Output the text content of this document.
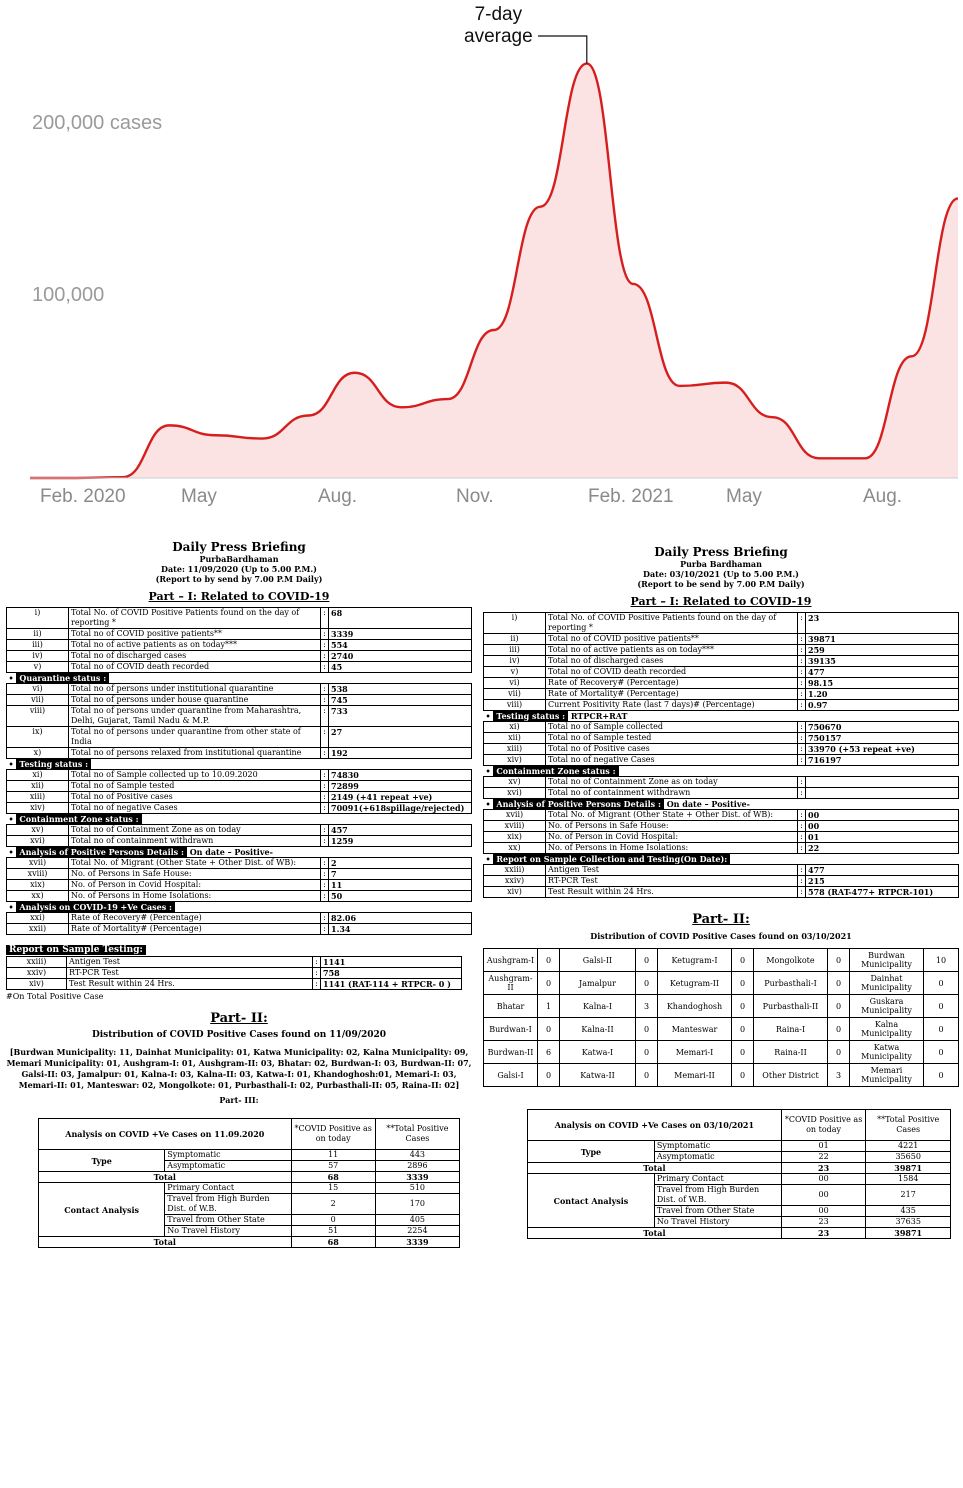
200,000 cases
100,000
Feb. 2020	May	Aug.	Nov.	Feb. 2021	May	Aug.
7‑day
average
Daily Press Briefing
PurbaBardhaman
Date: 11/09/2020 (Up to 5.00 P.M.)
(Report to by send by 7.00 P.M Daily)
Part – I: Related to COVID-19
i)	Total No. of COVID Positive Patients found on the day of reporting *	:	68
ii)	Total no of COVID positive patients**	:	3339
iii)	Total no of active patients as on today***	:	554
iv)	Total no of discharged cases	:	2740
v)	Total no of COVID death recorded	:	45
• Quarantine status :			
vi)	Total no of persons under institutional quarantine	:	538
vii)	Total no of persons under house quarantine	:	745
viii)	Total no of persons under quarantine from Maharashtra, Delhi, Gujarat, Tamil Nadu & M.P.	:	733
ix)	Total no of persons under quarantine from other state of India	:	27
x)	Total no of persons relaxed from institutional quarantine	:	192
• Testing status :			
xi)	Total no of Sample collected up to 10.09.2020	:	74830
xii)	Total no of Sample tested	:	72899
xiii)	Total no of Positive cases	:	2149 (+41 repeat +ve)
xiv)	Total no of negative Cases	:	70091(+618spillage/rejected)
• Containment Zone status :			
xv)	Total no of Containment Zone as on today	:	457
xvi)	Total no of containment withdrawn	:	1259
• Analysis of Positive Persons Details : On date – Positive-			
xvii)	Total No. of Migrant (Other State + Other Dist. of WB):	:	2
xviii)	No. of Persons in Safe House:	:	7
xix)	No. of Person in Covid Hospital:	:	11
xx)	No. of Persons in Home Isolations:	:	50
• Analysis on COVID-19 +Ve Cases :			
xxi)	Rate of Recovery# (Percentage)	:	82.06
xxii)	Rate of Mortality# (Percentage)	:	1.34
Report on Sample Testing:
xxiii)	Antigen Test	:	1141
xxiv)	RT-PCR Test	:	758
xiv)	Test Result within 24 Hrs.	:	1141 (RAT-114 + RTPCR- 0 )
#On Total Positive Case
Part- II:
Distribution of COVID Positive Cases found on 11/09/2020
[Burdwan Municipality: 11, Dainhat Municipality: 01, Katwa Municipality: 02, Kalna Municipality: 09, Memari Municipality: 01, Aushgram-I: 01, Aushgram-II: 03, Bhatar: 02, Burdwan-I: 03, Burdwan-II: 07, Galsi-II: 03, Jamalpur: 01, Kalna-I: 03, Kalna-II: 03, Katwa-I: 01, Khandoghosh:01, Memari-I: 03, Memari-II: 01, Manteswar: 02, Mongolkote: 01, Purbasthali-I: 02, Purbasthali-II: 05, Raina-II: 02]
Part- III:
Analysis on COVID +Ve Cases on 11.09.2020		*COVID Positive as on today	**Total Positive Cases
Type	Symptomatic	11	443
	Asymptomatic	57	2896
Total		68	3339
Contact Analysis	Primary Contact	15	510
	Travel from High Burden Dist. of W.B.	2	170
	Travel from Other State	0	405
	No Travel History	51	2254
Total		68	3339
Daily Press Briefing
Purba Bardhaman
Date: 03/10/2021 (Up to 5.00 P.M.)
(Report to be send by 7.00 P.M Daily)
Part – I: Related to COVID-19
i)	Total No. of COVID Positive Patients found on the day of reporting *	:	23
ii)	Total no of COVID positive patients**	:	39871
iii)	Total no of active patients as on today***	:	259
iv)	Total no of discharged cases	:	39135
v)	Total no of COVID death recorded	:	477
vi)	Rate of Recovery# (Percentage)	:	98.15
vii)	Rate of Mortality# (Percentage)	:	1.20
viii)	Current Positivity Rate (last 7 days)# (Percentage)	:	0.97
• Testing status : RTPCR+RAT			
xi)	Total no of Sample collected	:	750670
xii)	Total no of Sample tested	:	750157
xiii)	Total no of Positive cases	:	33970 (+53 repeat +ve)
xiv)	Total no of negative Cases	:	716197
• Containment Zone status :			
xv)	Total no of Containment Zone as on today	:	
xvi)	Total no of containment withdrawn	:	
• Analysis of Positive Persons Details : On date – Positive-			
xvii)	Total No. of Migrant (Other State + Other Dist. of WB):	:	00
xviii)	No. of Persons in Safe House:	:	00
xix)	No. of Person in Covid Hospital:	:	01
xx)	No. of Persons in Home Isolations:	:	22
• Report on Sample Collection and Testing(On Date):			
xxiii)	Antigen Test	:	477
xxiv)	RT-PCR Test	:	215
xiv)	Test Result within 24 Hrs.	:	578 (RAT-477+ RTPCR-101)
Part- II:
Distribution of COVID Positive Cases found on 03/10/2021
Aushgram-I	0	Galsi-II	0	Ketugram-I	0	Mongolkote	0	Burdwan Municipality	10
Aushgram-II	0	Jamalpur	0	Ketugram-II	0	Purbasthali-I	0	Dainhat Municipality	0
Bhatar	1	Kalna-I	3	Khandoghosh	0	Purbasthali-II	0	Guskara Municipality	0
Burdwan-I	0	Kalna-II	0	Manteswar	0	Raina-I	0	Kalna Municipality	0
Burdwan-II	6	Katwa-I	0	Memari-I	0	Raina-II	0	Katwa Municipality	0
Galsi-I	0	Katwa-II	0	Memari-II	0	Other District	3	Memari Municipality	0
Analysis on COVID +Ve Cases on 03/10/2021		*COVID Positive as on today	**Total Positive Cases
Type	Symptomatic	01	4221
	Asymptomatic	22	35650
Total		23	39871
Contact Analysis	Primary Contact	00	1584
	Travel from High Burden Dist. of W.B.	00	217
	Travel from Other State	00	435
	No Travel History	23	37635
Total		23	39871
